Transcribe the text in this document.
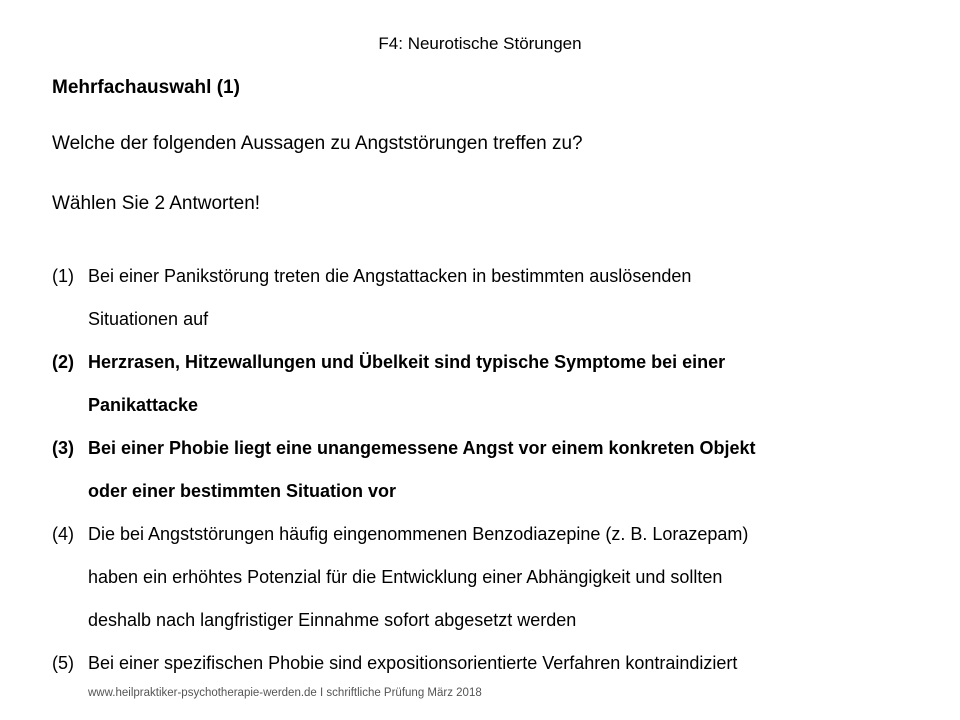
F4: Neurotische Störungen
Mehrfachauswahl (1)
Welche der folgenden Aussagen zu Angststörungen treffen zu?
Wählen Sie 2 Antworten!
(1) Bei einer Panikstörung treten die Angstattacken in bestimmten auslösenden
Situationen auf
(2) Herzrasen, Hitzewallungen und Übelkeit sind typische Symptome bei einer
Panikattacke
(3) Bei einer Phobie liegt eine unangemessene Angst vor einem konkreten Objekt
oder einer bestimmten Situation vor
(4) Die bei Angststörungen häufig eingenommenen Benzodiazepine (z. B. Lorazepam)
haben ein erhöhtes Potenzial für die Entwicklung einer Abhängigkeit und sollten
deshalb nach langfristiger Einnahme sofort abgesetzt werden
(5) Bei einer spezifischen Phobie sind expositionsorientierte Verfahren kontraindiziert
www.heilpraktiker-psychotherapie-werden.de I schriftliche Prüfung März 2018
